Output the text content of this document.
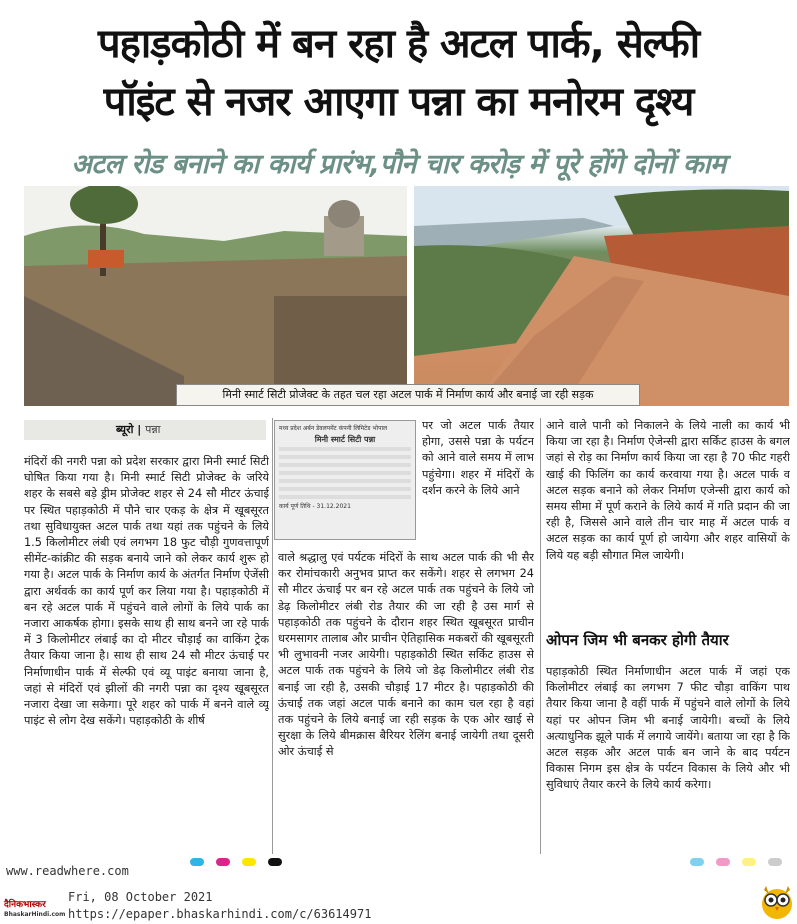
पहाड़कोठी में बन रहा है अटल पार्क, सेल्फी
पॉइंट से नजर आएगा पन्ना का मनोरम दृश्य
अटल रोड बनाने का कार्य प्रारंभ,पौने चार करोड़ में पूरे होंगे दोनों काम
मिनी स्मार्ट सिटी प्रोजेक्ट के तहत चल रहा अटल पार्क में निर्माण कार्य और बनाई जा रही सड़क
ब्यूरो | पन्ना
मंदिरों की नगरी पन्ना को प्रदेश सरकार द्वारा मिनी स्मार्ट सिटी घोषित किया गया है। मिनी स्मार्ट सिटी प्रोजेक्ट के जरिये शहर के सबसे बड़े ड्रीम प्रोजेक्ट शहर से 24 सौ मीटर ऊंचाई पर स्थित पहाड़कोठी में पौने चार एकड़ के क्षेत्र में खूबसूरत तथा सुविधायुक्त अटल पार्क तथा यहां तक पहुंचने के लिये 1.5 किलोमीटर लंबी एवं लगभग 18 फुट चौड़ी गुणवत्तापूर्ण सीमेंट-कांक्रीट की सड़क बनाये जाने को लेकर कार्य शुरू हो गया है। अटल पार्क के निर्माण कार्य के अंतर्गत निर्माण ऐजेंसी द्वारा अर्थवर्क का कार्य पूर्ण कर लिया गया है। पहाड़कोठी में बन रहे अटल पार्क में पहुंचने वाले लोगों के लिये पार्क का नजारा आकर्षक होगा। इसके साथ ही साथ बनने जा रहे पार्क में 3 किलोमीटर लंबाई का दो मीटर चौड़ाई का वाकिंग ट्रेक तैयार किया जाना है। साथ ही साथ 24 सौ मीटर ऊंचाई पर निर्माणाधीन पार्क में सेल्फी एवं व्यू पाइंट बनाया जाना है, जहां से मंदिरों एवं झीलों की नगरी पन्ना का दृश्य खूबसूरत नजारा देखा जा सकेगा। पूरे शहर को पार्क में बनने वाले व्यू पाइंट से लोग देख सकेंगे। पहाड़कोठी के शीर्ष
मध्य प्रदेश अर्बन डेवलपमेंट कंपनी लिमिटेड भोपाल
मिनी स्मार्ट सिटी पन्ना
कार्य पूर्ण तिथि - 31.12.2021
पर जो अटल पार्क तैयार होगा, उससे पन्ना के पर्यटन को आने वाले समय में लाभ पहुंचेगा। शहर में मंदिरों के दर्शन करने के लिये आने
वाले श्रद्धालु एवं पर्यटक मंदिरों के साथ अटल पार्क की भी सैर कर रोमांचकारी अनुभव प्राप्त कर सकेंगे। शहर से लगभग 24 सौ मीटर ऊंचाई पर बन रहे अटल पार्क तक पहुंचने के लिये जो डेढ़ किलोमीटर लंबी रोड तैयार की जा रही है उस मार्ग से पहाड़कोठी तक पहुंचने के दौरान शहर स्थित खूबसूरत प्राचीन धरमसागर तालाब और प्राचीन ऐतिहासिक मकबरों की खूबसूरती भी लुभावनी नजर आयेगी। पहाड़कोठी स्थित सर्किट हाउस से अटल पार्क तक पहुंचने के लिये जो डेढ़ किलोमीटर लंबी रोड बनाई जा रही है, उसकी चौड़ाई 17 मीटर है। पहाड़कोठी की ऊंचाई तक जहां अटल पार्क बनाने का काम चल रहा है वहां तक पहुंचने के लिये बनाई जा रही सड़क के एक ओर खाई से सुरक्षा के लिये बीमक्रास बैरियर रेलिंग बनाई जायेगी तथा दूसरी ओर ऊंचाई से
आने वाले पानी को निकालने के लिये नाली का कार्य भी किया जा रहा है। निर्माण ऐजेन्सी द्वारा सर्किट हाउस के बगल जहां से रोड़ का निर्माण कार्य किया जा रहा है 70 फीट गहरी खाई की फिलिंग का कार्य करवाया गया है। अटल पार्क व अटल सड़क बनाने को लेकर निर्माण एजेन्सी द्वारा कार्य को समय सीमा में पूर्ण कराने के लिये कार्य में गति प्रदान की जा रही है, जिससे आने वाले तीन चार माह में अटल पार्क व अटल सड़क का कार्य पूर्ण हो जायेगा और शहर वासियों के लिये यह बड़ी सौगात मिल जायेगी।
ओपन जिम भी बनकर होगी तैयार
पहाड़कोठी स्थित निर्माणाधीन अटल पार्क में जहां एक किलोमीटर लंबाई का लगभग 7 फीट चौड़ा वाकिंग पाथ तैयार किया जाना है वहीं पार्क में पहुंचने वाले लोगों के लिये यहां पर ओपन जिम भी बनाई जायेगी। बच्चों के लिये अत्याधुनिक झूले पार्क में लगाये जायेंगे। बताया जा रहा है कि अटल सड़क और अटल पार्क बन जाने के बाद पर्यटन विकास निगम इस क्षेत्र के पर्यटन विकास के लिये और भी सुविधाएं तैयार करने के लिये कार्य करेगा।
www.readwhere.com
Fri, 08 October 2021
https://epaper.bhaskarhindi.com/c/63614971
दैनिकभास्कर
BhaskarHindi.com
